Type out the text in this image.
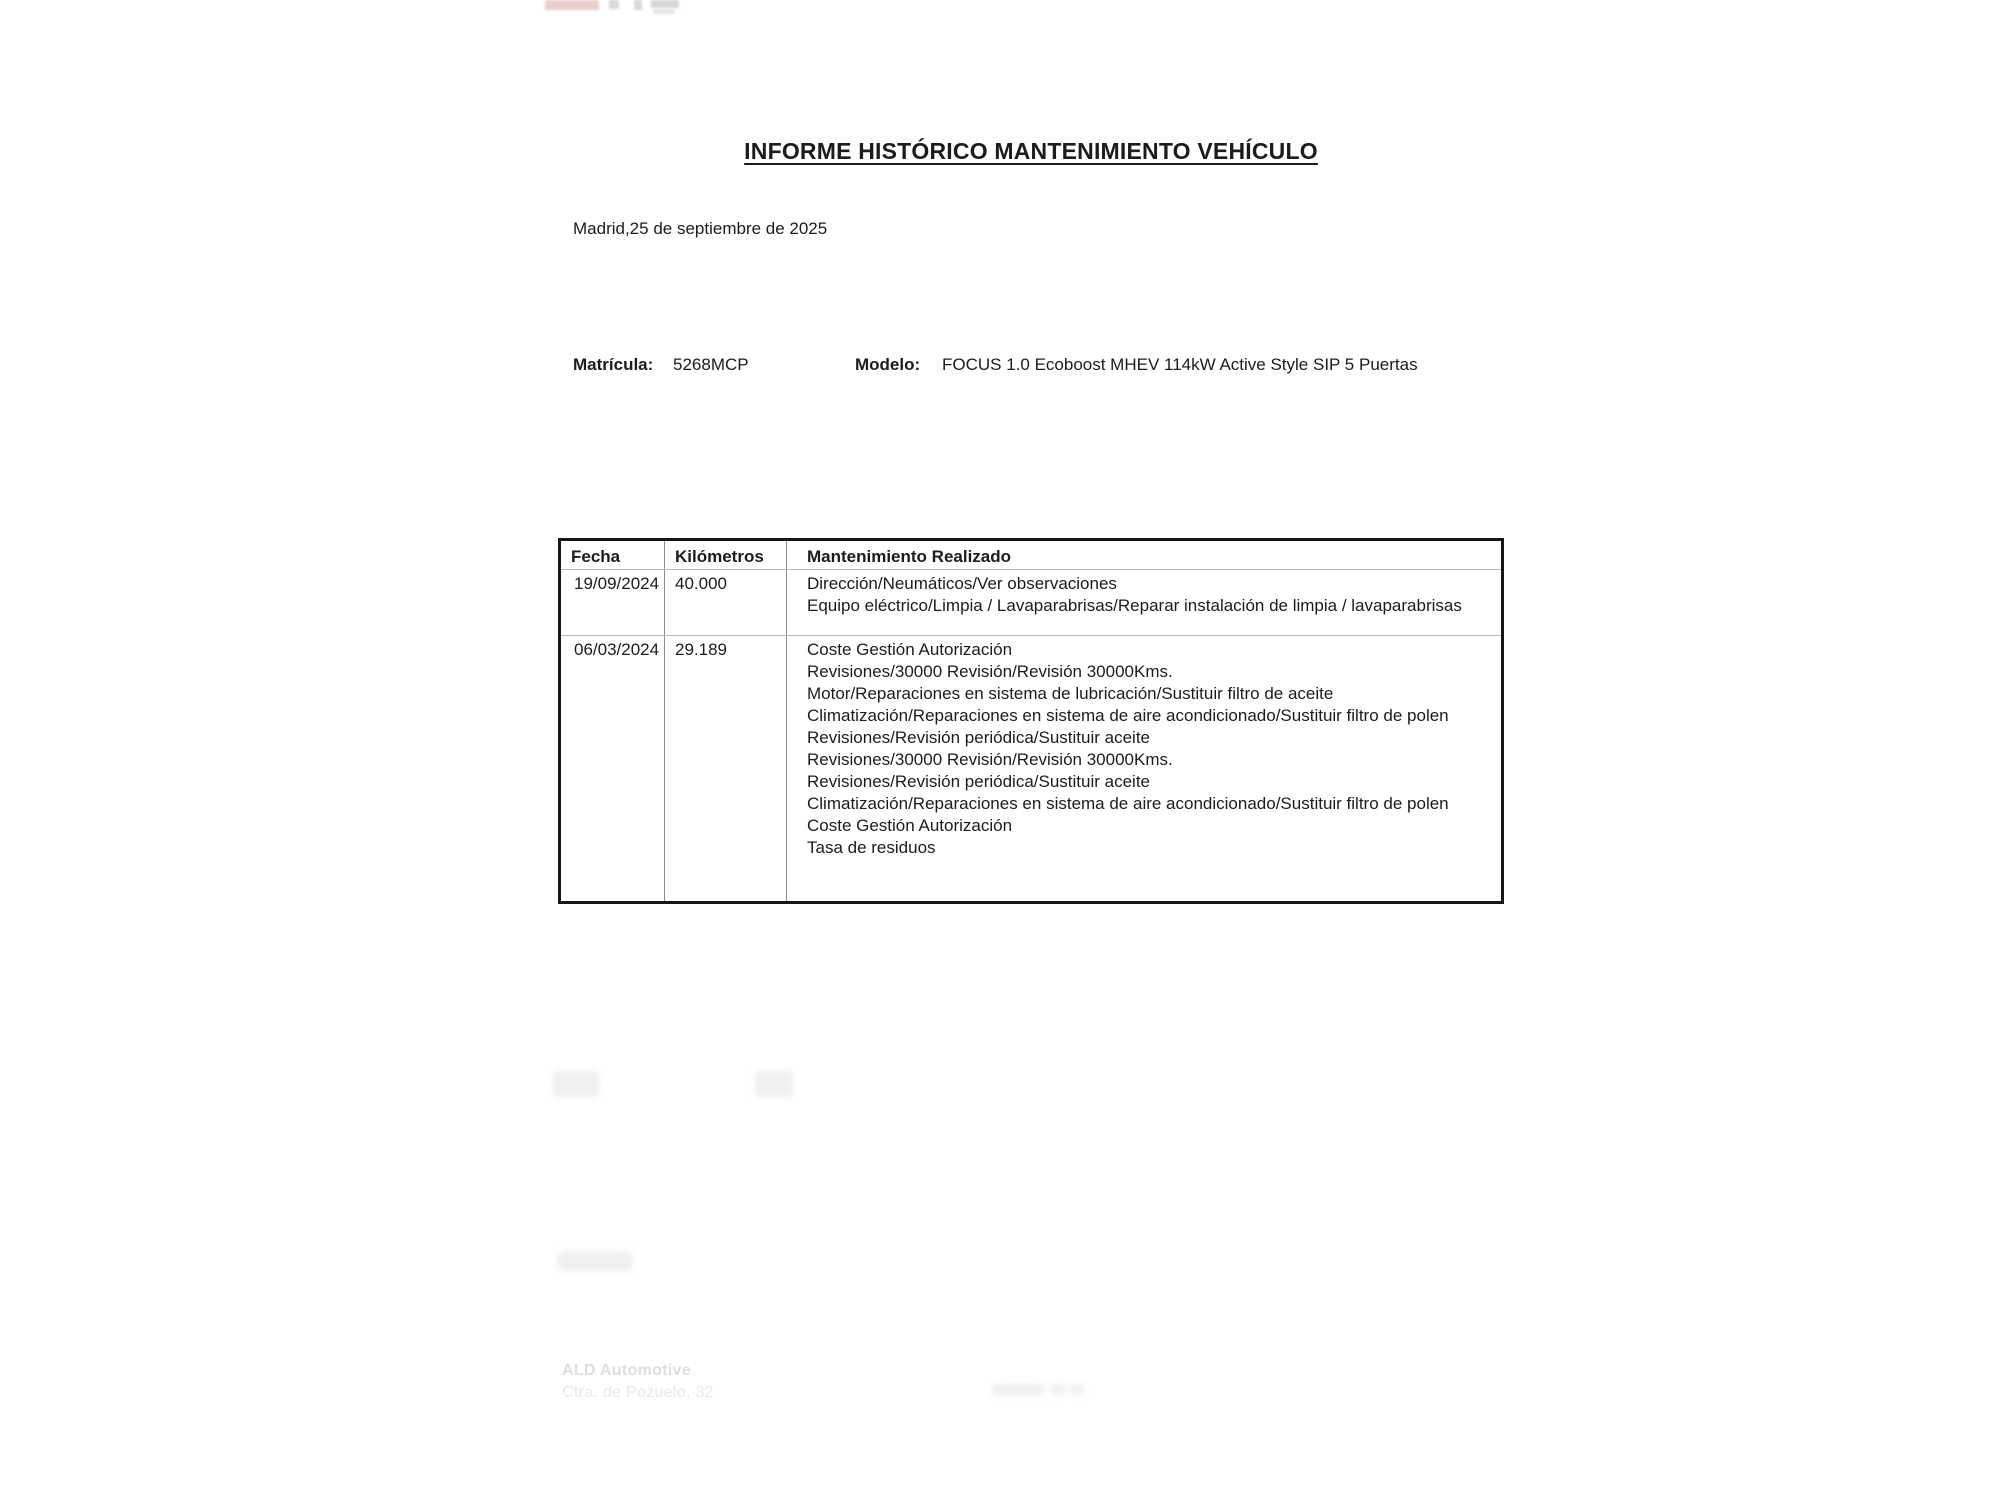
INFORME HISTÓRICO MANTENIMIENTO VEHÍCULO
Madrid,25 de septiembre de 2025
Matrícula: 5268MCP	Modelo: FOCUS 1.0 Ecoboost MHEV 114kW Active Style SIP 5 Puertas
Fecha	Kilómetros	Mantenimiento Realizado
19/09/2024 40.000	Dirección/Neumáticos/Ver observaciones
Equipo eléctrico/Limpia / Lavaparabrisas/Reparar instalación de limpia / lavaparabrisas
06/03/2024 29.189	Coste Gestión Autorización
Revisiones/30000 Revisión/Revisión 30000Kms.
Motor/Reparaciones en sistema de lubricación/Sustituir filtro de aceite
Climatización/Reparaciones en sistema de aire acondicionado/Sustituir filtro de polen
Revisiones/Revisión periódica/Sustituir aceite
Revisiones/30000 Revisión/Revisión 30000Kms.
Revisiones/Revisión periódica/Sustituir aceite
Climatización/Reparaciones en sistema de aire acondicionado/Sustituir filtro de polen
Coste Gestión Autorización
Tasa de residuos
ALD Automotive
Ctra. de Pozuelo, 32
